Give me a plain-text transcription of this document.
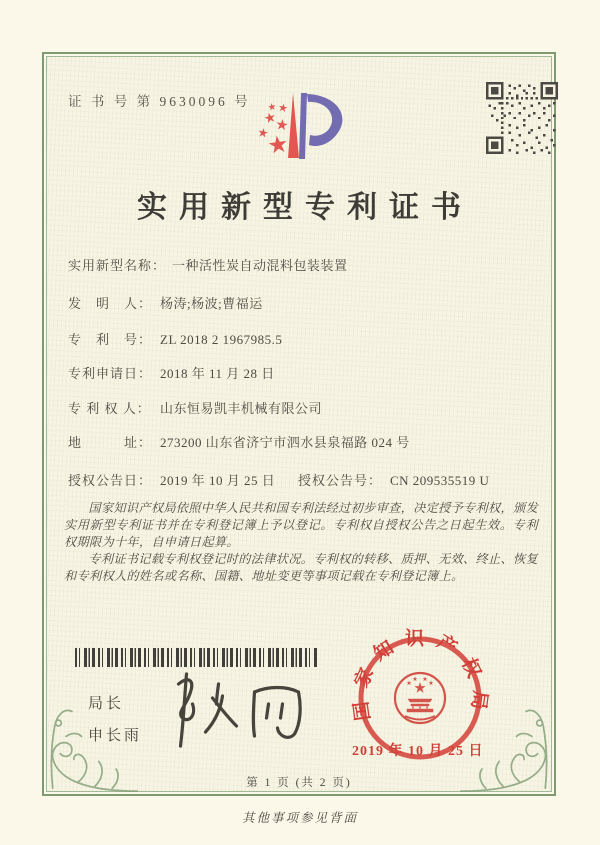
证 书 号 第 9630096 号
实用新型专利证书
实用新型名称： 一种活性炭自动混料包装装置
发　明　人： 杨涛;杨波;曹福运
专　利　号： ZL 2018 2 1967985.5
专利申请日： 2018 年 11 月 28 日
专 利 权 人： 山东恒易凯丰机械有限公司
地　　　址： 273200 山东省济宁市泗水县泉福路 024 号
授权公告日： 2019 年 10 月 25 日 授权公告号： CN 209535519 U

国家知识产权局依照中华人民共和国专利法经过初步审查，决定授予专利权，颁发实用新型专利证书并在专利登记簿上予以登记。专利权自授权公告之日起生效。专利权期限为十年，自申请日起算。

专利证书记载专利权登记时的法律状况。专利权的转移、质押、无效、终止、恢复和专利权人的姓名或名称、国籍、地址变更等事项记载在专利登记簿上。

局长
申长雨
国家知识产权局
2019 年 10 月 25 日
第 1 页 (共 2 页)
其他事项参见背面
